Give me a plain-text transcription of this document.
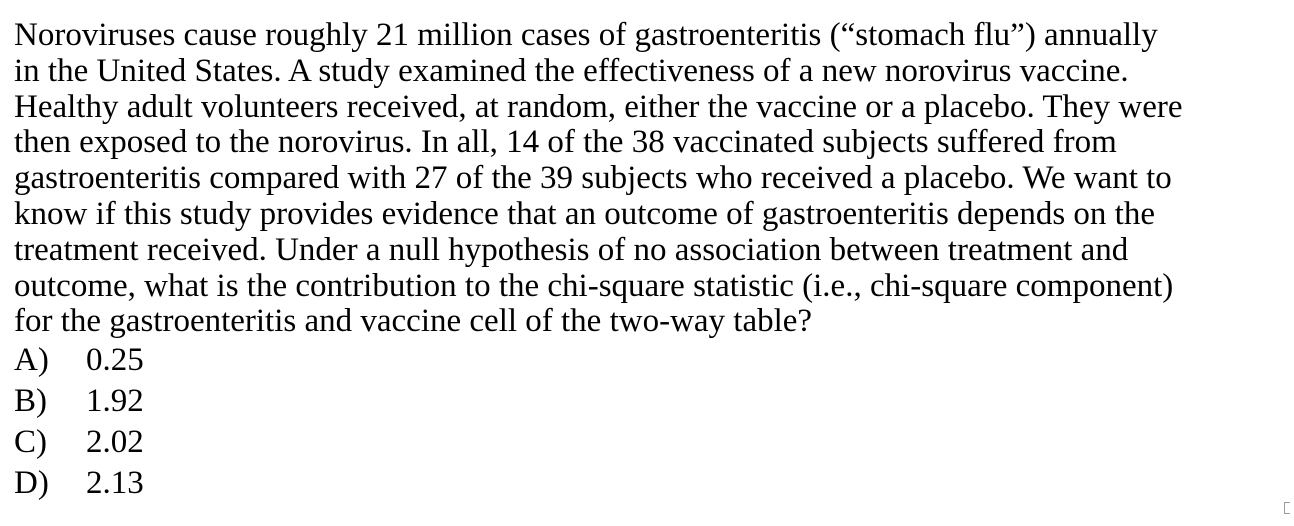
Noroviruses cause roughly 21 million cases of gastroenteritis (“stomach flu”) annually
in the United States. A study examined the effectiveness of a new norovirus vaccine.
Healthy adult volunteers received, at random, either the vaccine or a placebo. They were
then exposed to the norovirus. In all, 14 of the 38 vaccinated subjects suffered from
gastroenteritis compared with 27 of the 39 subjects who received a placebo. We want to
know if this study provides evidence that an outcome of gastroenteritis depends on the
treatment received. Under a null hypothesis of no association between treatment and
outcome, what is the contribution to the chi-square statistic (i.e., chi-square component)
for the gastroenteritis and vaccine cell of the two-way table?
A)	0.25
B)	1.92
C)	2.02
D)	2.13
